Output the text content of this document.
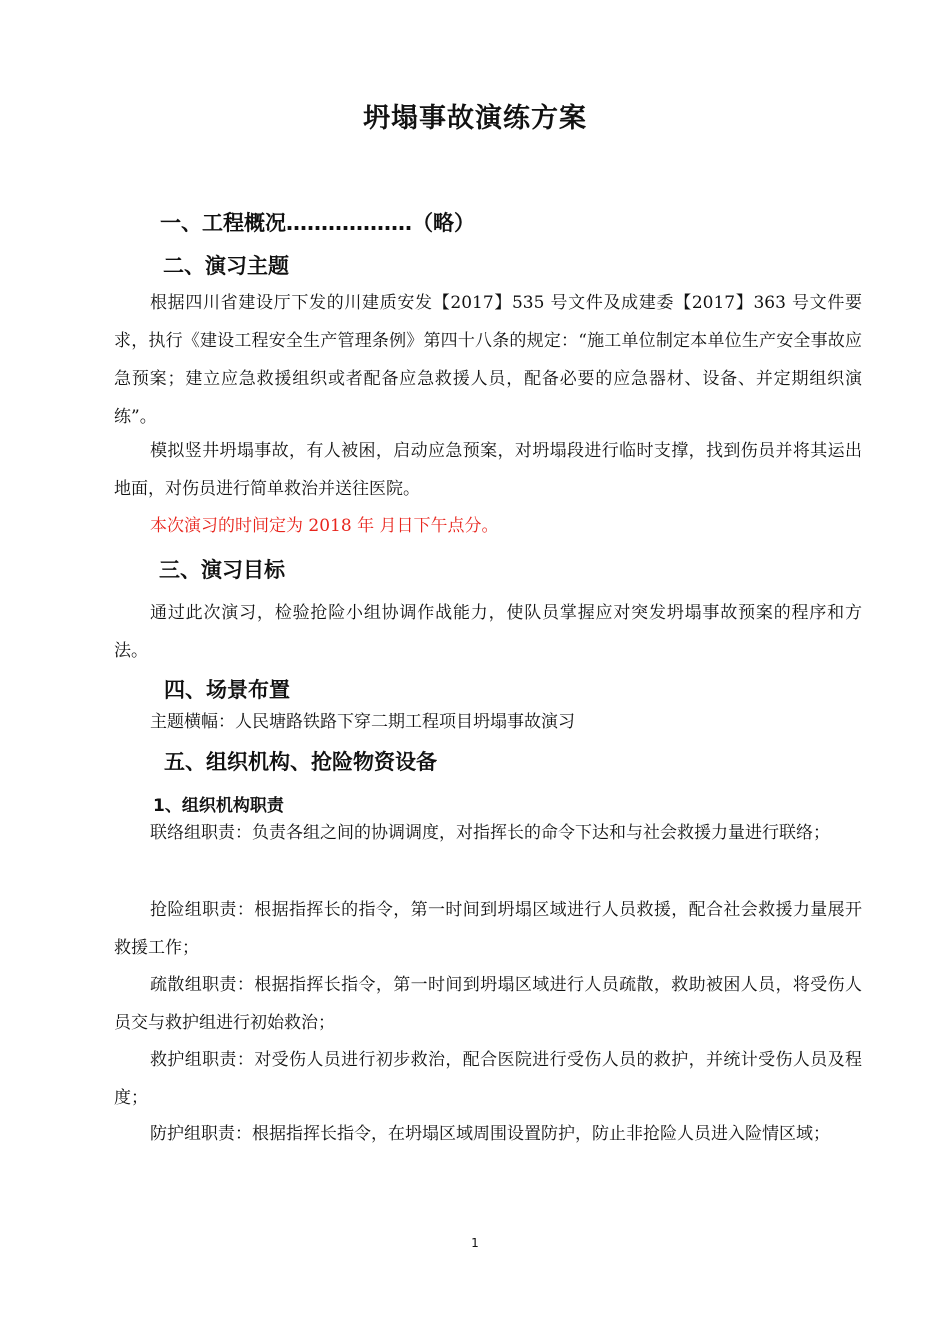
坍塌事故演练方案
一、工程概况………………（略）
二、演习主题
根据四川省建设厅下发的川建质安发【2017】535 号文件及成建委【2017】363 号文件要求，执行《建设工程安全生产管理条例》第四十八条的规定：“施工单位制定本单位生产安全事故应急预案；建立应急救援组织或者配备应急救援人员，配备必要的应急器材、设备、并定期组织演练”。
模拟竖井坍塌事故，有人被困，启动应急预案，对坍塌段进行临时支撑，找到伤员并将其运出地面，对伤员进行简单救治并送往医院。
本次演习的时间定为 2018 年 月日下午点分。
三、演习目标
通过此次演习，检验抢险小组协调作战能力，使队员掌握应对突发坍塌事故预案的程序和方法。
四、场景布置
主题横幅：人民塘路铁路下穿二期工程项目坍塌事故演习
五、组织机构、抢险物资设备
1、组织机构职责
联络组职责：负责各组之间的协调调度，对指挥长的命令下达和与社会救援力量进行联络；
抢险组职责：根据指挥长的指令，第一时间到坍塌区域进行人员救援，配合社会救援力量展开救援工作；
疏散组职责：根据指挥长指令，第一时间到坍塌区域进行人员疏散，救助被困人员，将受伤人员交与救护组进行初始救治；
救护组职责：对受伤人员进行初步救治，配合医院进行受伤人员的救护，并统计受伤人员及程度；
防护组职责：根据指挥长指令，在坍塌区域周围设置防护，防止非抢险人员进入险情区域；
1
